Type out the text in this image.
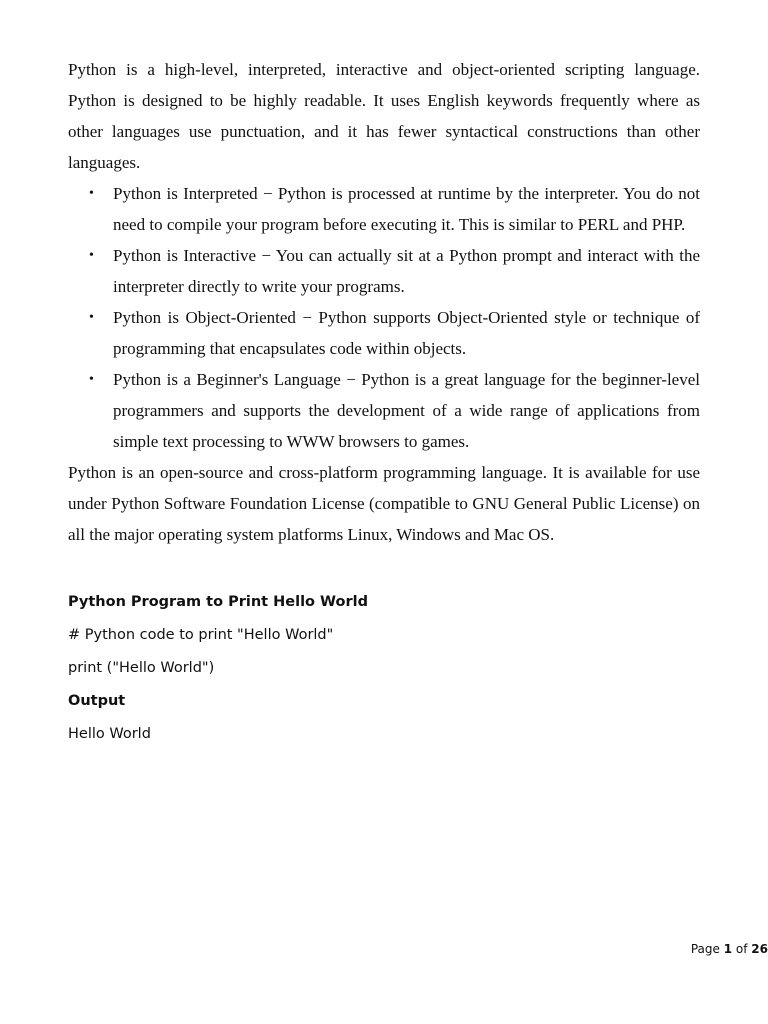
Python is a high-level, interpreted, interactive and object-oriented scripting language. Python is designed to be highly readable. It uses English keywords frequently where as other languages use punctuation, and it has fewer syntactical constructions than other languages.

• Python is Interpreted − Python is processed at runtime by the interpreter. You do not need to compile your program before executing it. This is similar to PERL and PHP.
• Python is Interactive − You can actually sit at a Python prompt and interact with the interpreter directly to write your programs.
• Python is Object-Oriented − Python supports Object-Oriented style or technique of programming that encapsulates code within objects.
• Python is a Beginner's Language − Python is a great language for the beginner-level programmers and supports the development of a wide range of applications from simple text processing to WWW browsers to games.

Python is an open-source and cross-platform programming language. It is available for use under Python Software Foundation License (compatible to GNU General Public License) on all the major operating system platforms Linux, Windows and Mac OS.

Python Program to Print Hello World
# Python code to print "Hello World"
print ("Hello World")
Output
Hello World
Page 1 of 26
